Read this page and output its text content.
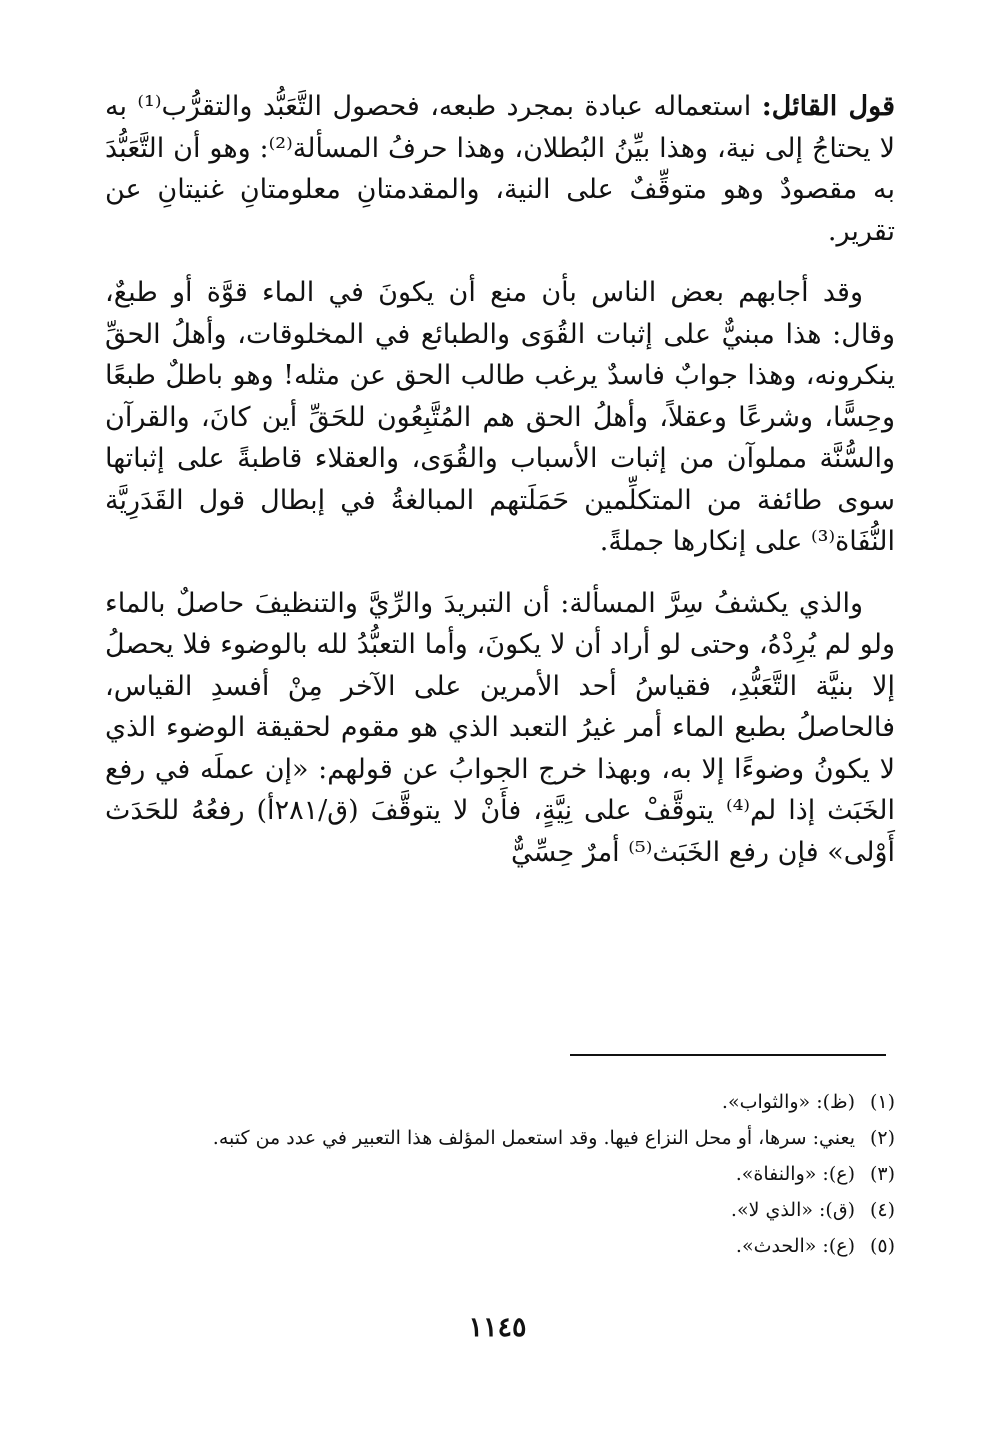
قول القائل: استعماله عبادة بمجرد طبعه، فحصول التَّعَبُّد والتقرُّب⁽¹⁾ به لا يحتاجُ إلى نية، وهذا بيِّنُ البُطلان، وهذا حرفُ المسألة⁽²⁾: وهو أن التَّعَبُّدَ به مقصودٌ وهو متوقِّفٌ على النية، والمقدمتانِ معلومتانِ غنيتانِ عن تقرير.

وقد أجابهم بعض الناس بأن منع أن يكونَ في الماء قوَّة أو طبعٌ، وقال: هذا مبنيٌّ على إثبات القُوَى والطبائع في المخلوقات، وأهلُ الحقِّ ينكرونه، وهذا جوابٌ فاسدٌ يرغب طالب الحق عن مثله! وهو باطلٌ طبعًا وحِسًّا، وشرعًا وعقلاً، وأهلُ الحق هم المُتَّبِعُون للحَقِّ أين كانَ، والقرآن والسُّنَّة مملوآن من إثبات الأسباب والقُوَى، والعقلاء قاطبةً على إثباتها سوى طائفة من المتكلِّمين حَمَلَتهم المبالغةُ في إبطال قول القَدَرِيَّة النُّفَاة⁽³⁾ على إنكارها جملةً.

والذي يكشفُ سِرَّ المسألة: أن التبريدَ والرِّيَّ والتنظيفَ حاصلٌ بالماء ولو لم يُرِدْهُ، وحتى لو أراد أن لا يكونَ، وأما التعبُّدُ لله بالوضوء فلا يحصلُ إلا بنيَّة التَّعَبُّدِ، فقياسُ أحد الأمرين على الآخر مِنْ أفسدِ القياس، فالحاصلُ بطبع الماء أمر غيرُ التعبد الذي هو مقوم لحقيقة الوضوء الذي لا يكونُ وضوءًا إلا به، وبهذا خرج الجوابُ عن قولهم: «إن عملَه في رفع الخَبَث إذا لم⁽⁴⁾ يتوقَّفْ على نِيَّةٍ، فأَنْ لا يتوقَّفَ (ق/٢٨١أ) رفعُهُ للحَدَث أَوْلى» فإن رفع الخَبَث⁽⁵⁾ أمرٌ حِسِّيٌّ

(١)(ظ): «والثواب».
(٢)يعني: سرها، أو محل النزاع فيها. وقد استعمل المؤلف هذا التعبير في عدد من كتبه.
(٣)(ع): «والنفاة».
(٤)(ق): «الذي لا».
(٥)(ع): «الحدث».
١١٤٥
